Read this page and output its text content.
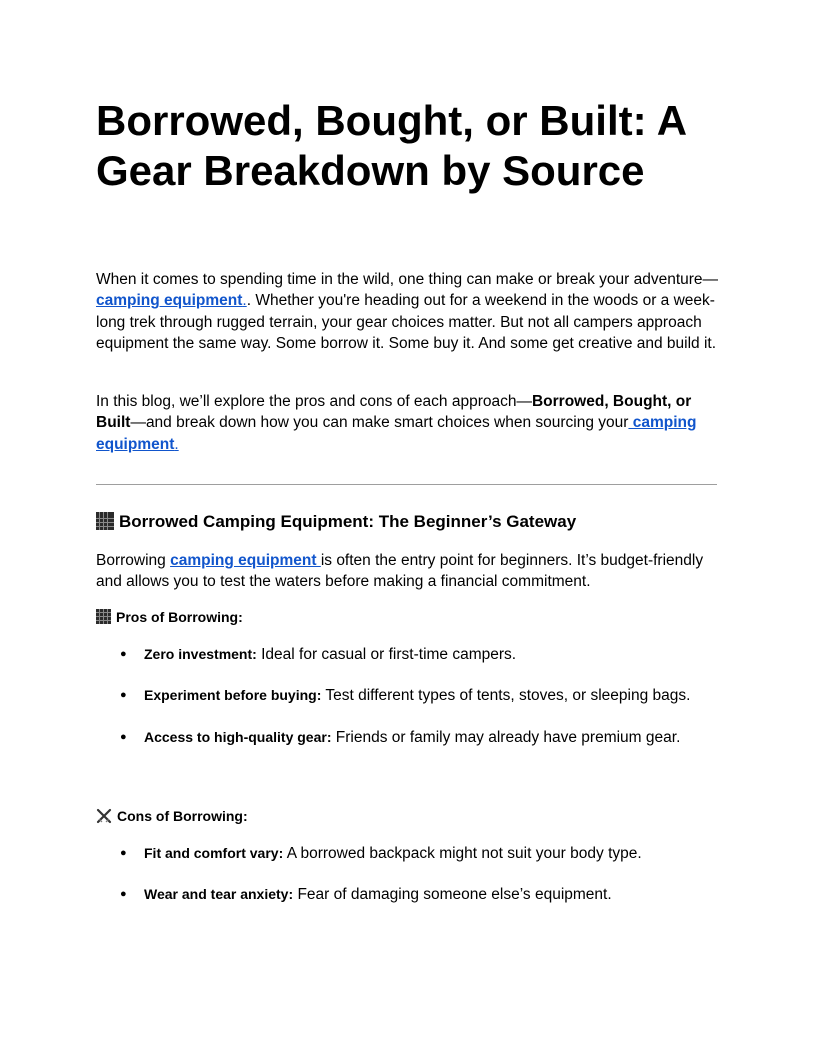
Borrowed, Bought, or Built: A Gear Breakdown by Source

When it comes to spending time in the wild, one thing can make or break your adventure—camping equipment.. Whether you're heading out for a weekend in the woods or a week-long trek through rugged terrain, your gear choices matter. But not all campers approach equipment the same way. Some borrow it. Some buy it. And some get creative and build it.

In this blog, we’ll explore the pros and cons of each approach—Borrowed, Bought, or Built—and break down how you can make smart choices when sourcing your camping equipment.

Borrowed Camping Equipment: The Beginner’s Gateway

Borrowing camping equipment is often the entry point for beginners. It’s budget-friendly and allows you to test the waters before making a financial commitment.

Pros of Borrowing:
● Zero investment: Ideal for casual or first-time campers.
● Experiment before buying: Test different types of tents, stoves, or sleeping bags.
● Access to high-quality gear: Friends or family may already have premium gear.
Cons of Borrowing:
● Fit and comfort vary: A borrowed backpack might not suit your body type.
● Wear and tear anxiety: Fear of damaging someone else’s equipment.
